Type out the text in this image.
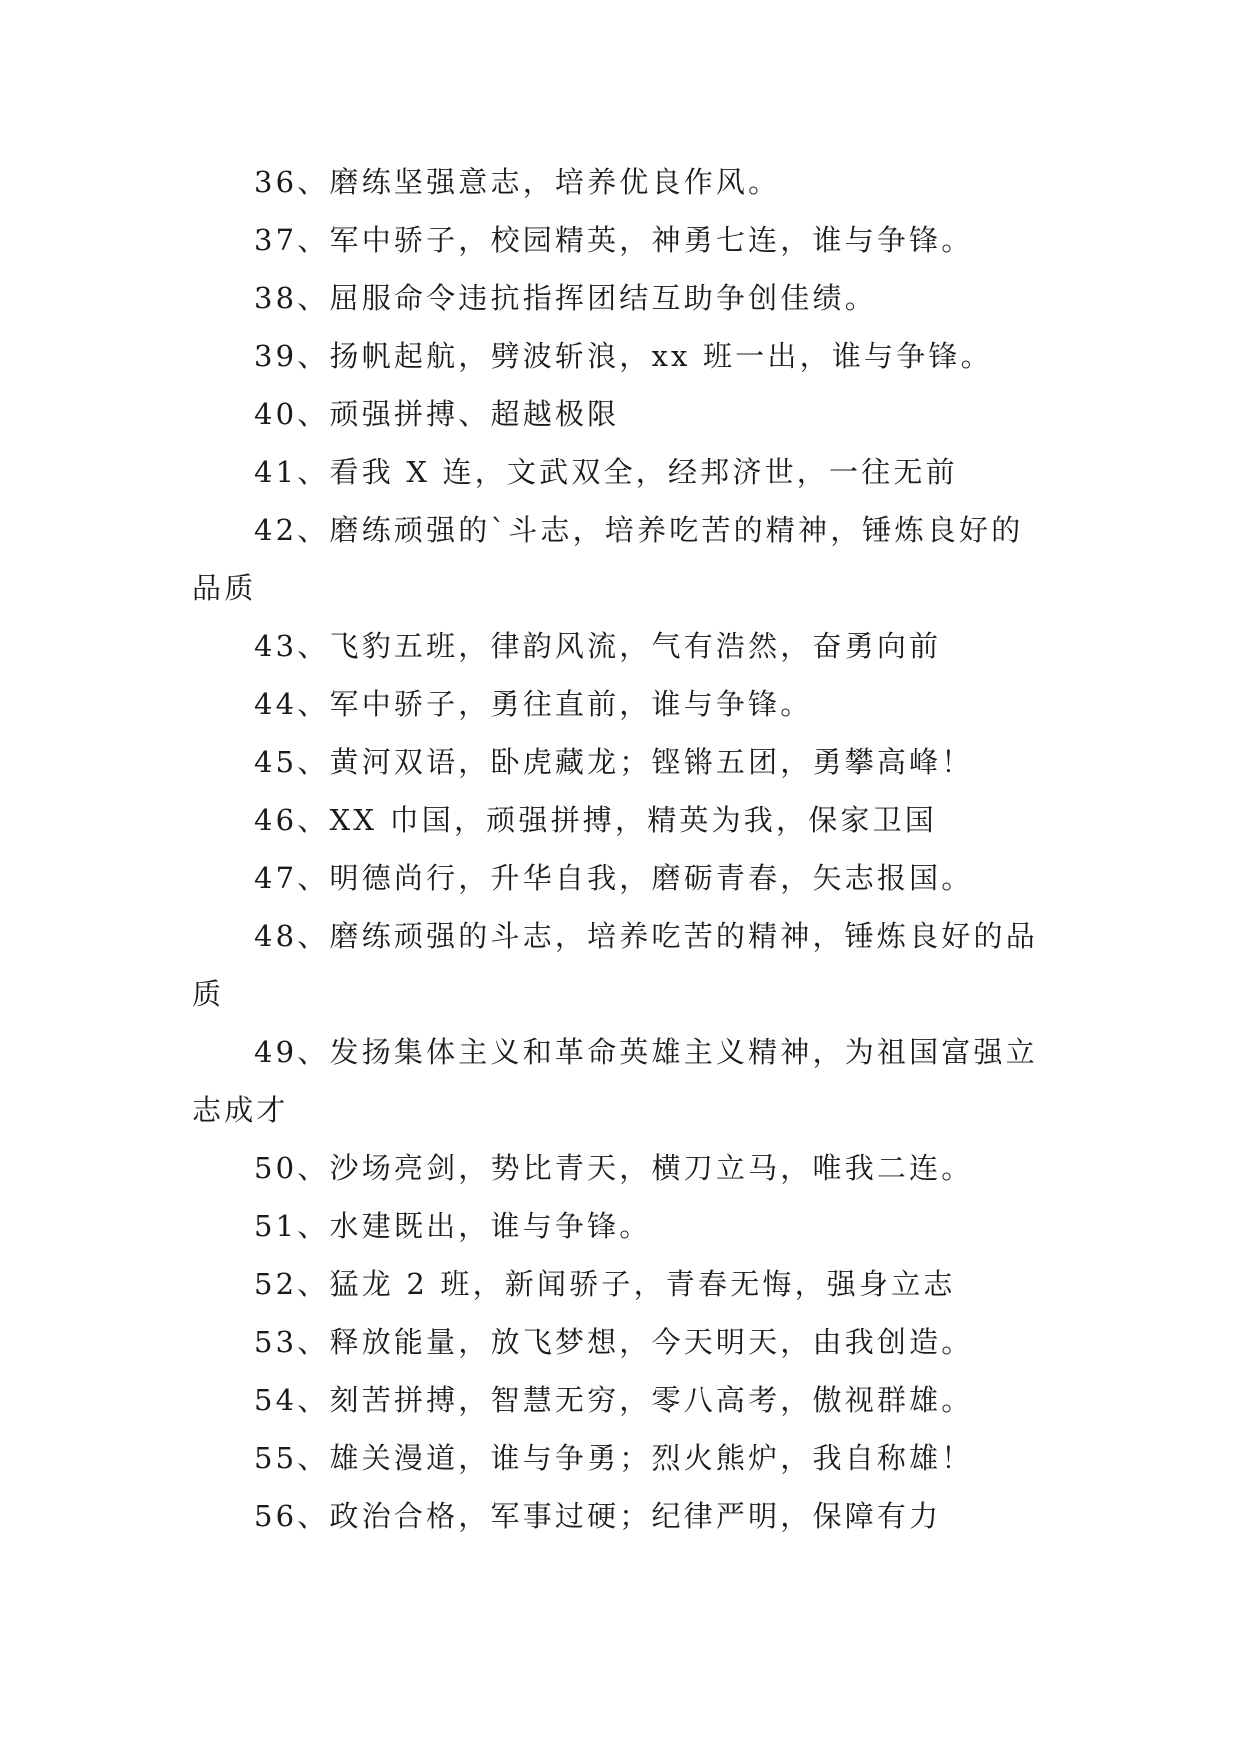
36、磨练坚强意志，培养优良作风。

37、军中骄子，校园精英，神勇七连，谁与争锋。

38、屈服命令违抗指挥团结互助争创佳绩。

39、扬帆起航，劈波斩浪，xx 班一出，谁与争锋。

40、顽强拼搏、超越极限

41、看我 X 连，文武双全，经邦济世，一往无前

42、磨练顽强的`斗志，培养吃苦的精神，锤炼良好的品质

43、飞豹五班，律韵风流，气有浩然，奋勇向前

44、军中骄子，勇往直前，谁与争锋。

45、黄河双语，卧虎藏龙；铿锵五团，勇攀高峰！

46、XX 巾国，顽强拼搏，精英为我，保家卫国

47、明德尚行，升华自我，磨砺青春，矢志报国。

48、磨练顽强的斗志，培养吃苦的精神，锤炼良好的品质

49、发扬集体主义和革命英雄主义精神，为祖国富强立志成才

50、沙场亮剑，势比青天，横刀立马，唯我二连。

51、水建既出，谁与争锋。

52、猛龙 2 班，新闻骄子，青春无悔，强身立志

53、释放能量，放飞梦想，今天明天，由我创造。

54、刻苦拼搏，智慧无穷，零八高考，傲视群雄。

55、雄关漫道，谁与争勇；烈火熊炉，我自称雄！

56、政治合格，军事过硬；纪律严明，保障有力
